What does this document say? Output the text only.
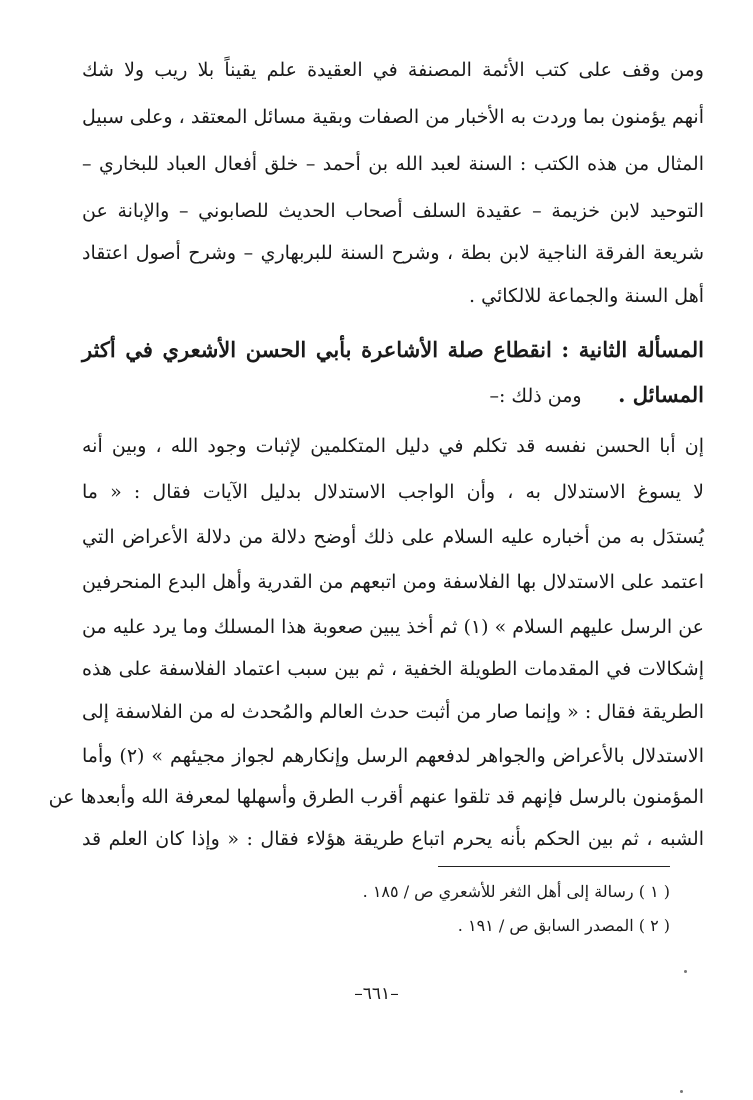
ومن وقف على كتب الأئمة المصنفة في العقيدة علم يقيناً بلا ريب ولا شك
أنهم يؤمنون بما وردت به الأخبار من الصفات وبقية مسائل المعتقد ، وعلى سبيل
المثال من هذه الكتب : السنة لعبد الله بن أحمد – خلق أفعال العباد للبخاري –
التوحيد لابن خزيمة – عقيدة السلف أصحاب الحديث للصابوني – والإبانة عن
شريعة الفرقة الناجية لابن بطة ، وشرح السنة للبربهاري – وشرح أصول اعتقاد
أهل السنة والجماعة للالكائي .
المسألة الثانية : انقطاع صلة الأشاعرة بأبي الحسن الأشعري في أكثر
المسائل .     ومن ذلك :–
إن أبا الحسن نفسه قد تكلم في دليل المتكلمين لإثبات وجود الله ، وبين أنه
لا يسوغ الاستدلال به ، وأن الواجب الاستدلال بدليل الآيات فقال : « ما
يُستدَل به من أخباره عليه السلام على ذلك أوضح دلالة من دلالة الأعراض التي
اعتمد على الاستدلال بها الفلاسفة ومن اتبعهم من القدرية وأهل البدع المنحرفين
عن الرسل عليهم السلام » (١) ثم أخذ يبين صعوبة هذا المسلك وما يرد عليه من
إشكالات في المقدمات الطويلة الخفية ، ثم بين سبب اعتماد الفلاسفة على هذه
الطريقة فقال : « وإنما صار من أثبت حدث العالم والمُحدث له من الفلاسفة إلى
الاستدلال بالأعراض والجواهر لدفعهم الرسل وإنكارهم لجواز مجيئهم » (٢) وأما
المؤمنون بالرسل فإنهم قد تلقوا عنهم أقرب الطرق وأسهلها لمعرفة الله وأبعدها عن
الشبه ، ثم بين الحكم بأنه يحرم اتباع طريقة هؤلاء فقال : « وإذا كان العلم قد
( ١ ) رسالة إلى أهل الثغر للأشعري ص / ١٨٥ .
( ٢ ) المصدر السابق ص / ١٩١ .
–٦٦١–
